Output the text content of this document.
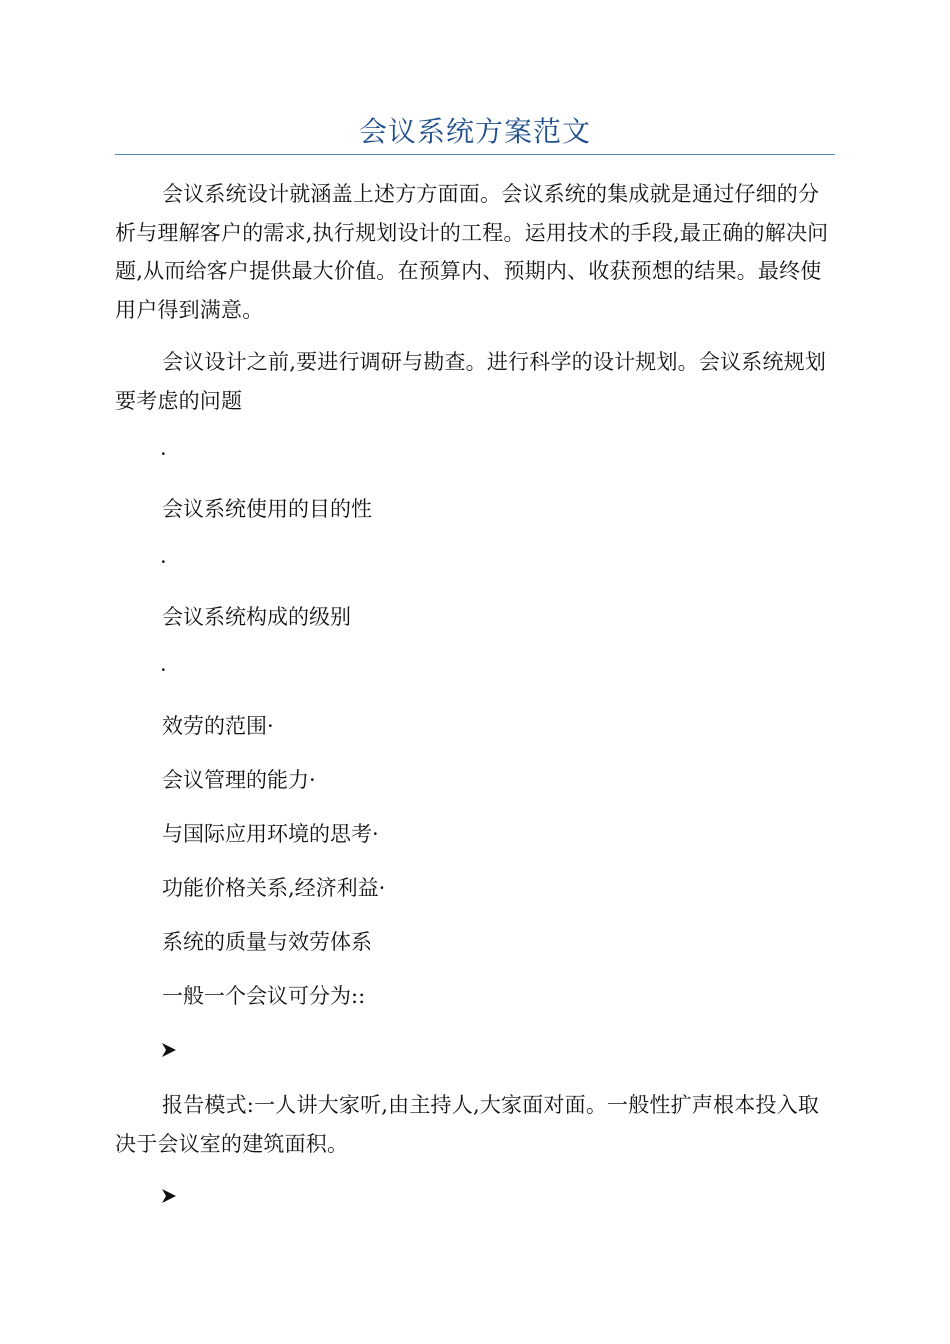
会议系统方案范文

会议系统设计就涵盖上述方方面面。会议系统的集成就是通过仔细的分析与理解客户的需求,执行规划设计的工程。运用技术的手段,最正确的解决问题,从而给客户提供最大价值。在预算内、预期内、收获预想的结果。最终使用户得到满意。

会议设计之前,要进行调研与勘查。进行科学的设计规划。会议系统规划要考虑的问题

·

会议系统使用的目的性

·

会议系统构成的级别

·

效劳的范围·

会议管理的能力·

与国际应用环境的思考·

功能价格关系,经济利益·

系统的质量与效劳体系

一般一个会议可分为::

报告模式:一人讲大家听,由主持人,大家面对面。一般性扩声根本投入取决于会议室的建筑面积。
